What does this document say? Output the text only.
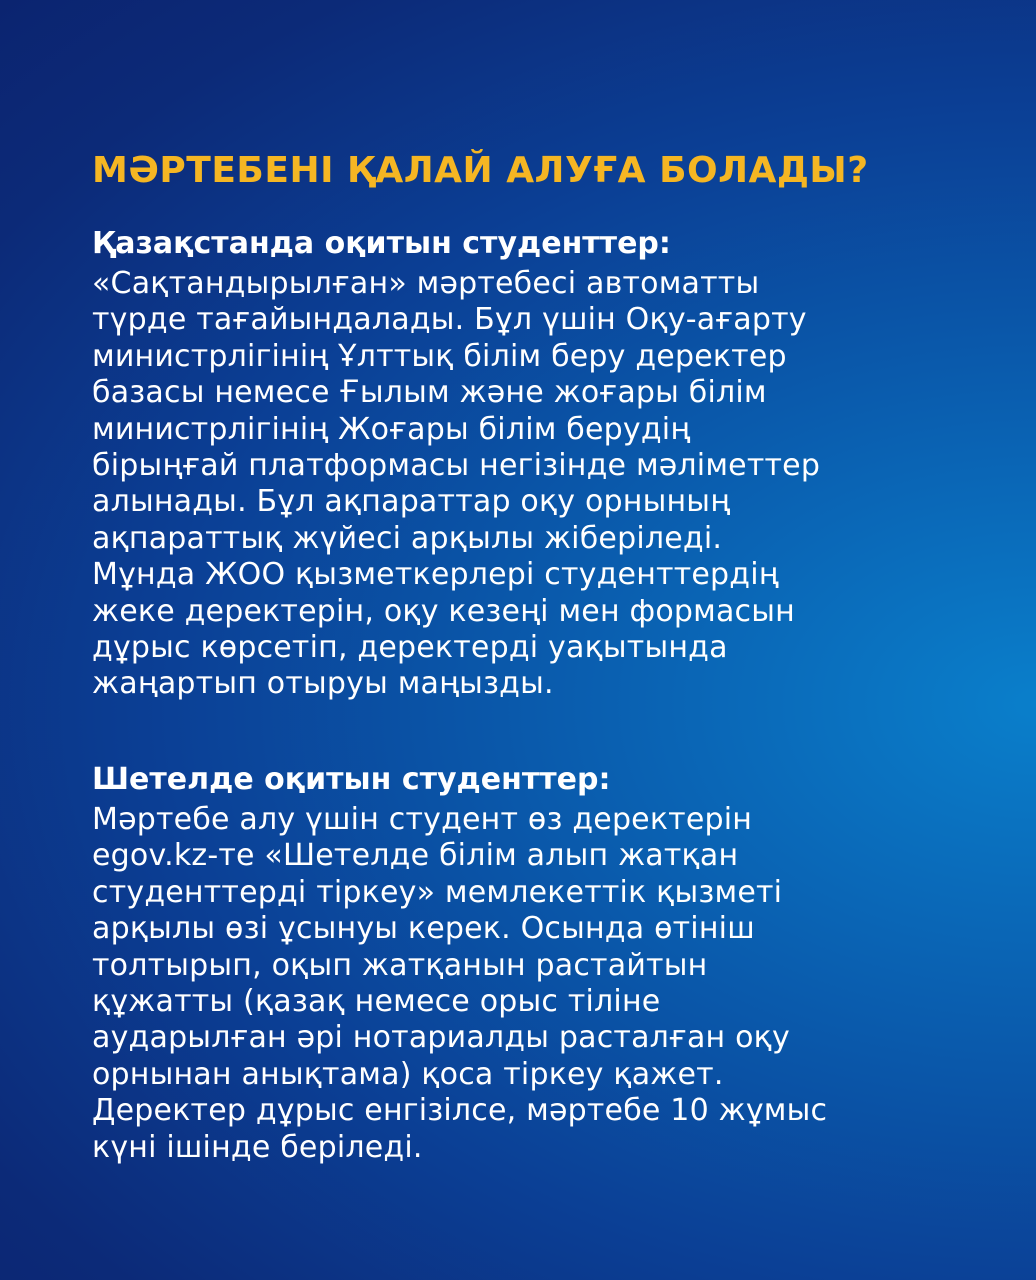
МӘРТЕБЕНІ ҚАЛАЙ АЛУҒА БОЛАДЫ?
Қазақстанда оқитын студенттер:

«Сақтандырылған» мәртебесі автоматты
түрде тағайындалады. Бұл үшін Оқу-ағарту
министрлігінің Ұлттық білім беру деректер
базасы немесе Ғылым және жоғары білім
министрлігінің Жоғары білім берудің
бірыңғай платформасы негізінде мәліметтер
алынады. Бұл ақпараттар оқу орнының
ақпараттық жүйесі арқылы жіберіледі.
Мұнда ЖОО қызметкерлері студенттердің
жеке деректерін, оқу кезеңі мен формасын
дұрыс көрсетіп, деректерді уақытында
жаңартып отыруы маңызды.

Шетелде оқитын студенттер:

Мәртебе алу үшін студент өз деректерін
egov.kz-те «Шетелде білім алып жатқан
студенттерді тіркеу» мемлекеттік қызметі
арқылы өзі ұсынуы керек. Осында өтініш
толтырып, оқып жатқанын растайтын
құжатты (қазақ немесе орыс тіліне
аударылған әрі нотариалды расталған оқу
орнынан анықтама) қоса тіркеу қажет.
Деректер дұрыс енгізілсе, мәртебе 10 жұмыс
күні ішінде беріледі.
